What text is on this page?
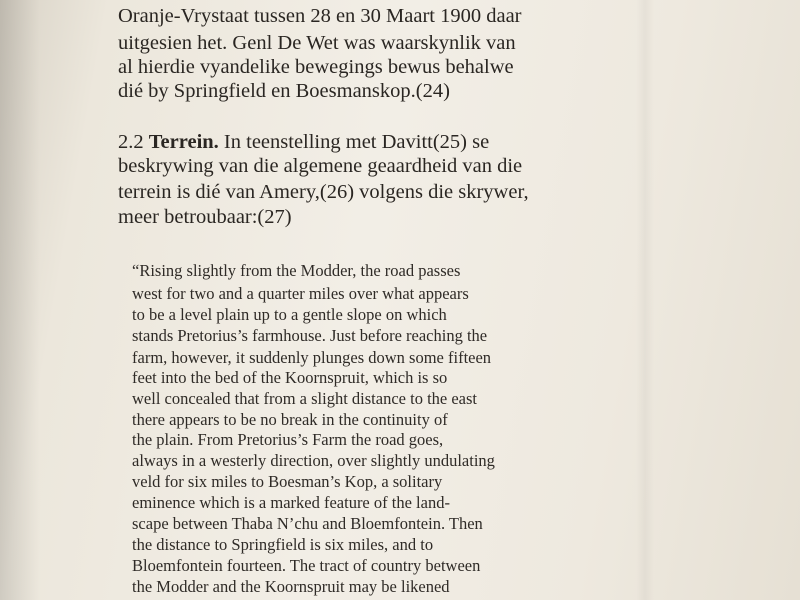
Oranje-Vrystaat tussen 28 en 30 Maart 1900 daar
uitgesien het. Genl De Wet was waarskynlik van
al hierdie vyandelike bewegings bewus behalwe
dié by Springfield en Boesmanskop.(24)
2.2 Terrein. In teenstelling met Davitt(25) se
beskrywing van die algemene geaardheid van die
terrein is dié van Amery,(26) volgens die skrywer,
meer betroubaar:(27)
“Rising slightly from the Modder, the road passes
west for two and a quarter miles over what appears
to be a level plain up to a gentle slope on which
stands Pretorius’s farmhouse. Just before reaching the
farm, however, it suddenly plunges down some fifteen
feet into the bed of the Koornspruit, which is so
well concealed that from a slight distance to the east
there appears to be no break in the continuity of
the plain. From Pretorius’s Farm the road goes,
always in a westerly direction, over slightly undulating
veld for six miles to Boesman’s Kop, a solitary
eminence which is a marked feature of the land-
scape between Thaba N’chu and Bloemfontein. Then
the distance to Springfield is six miles, and to
Bloemfontein fourteen. The tract of country between
the Modder and the Koornspruit may be likened
